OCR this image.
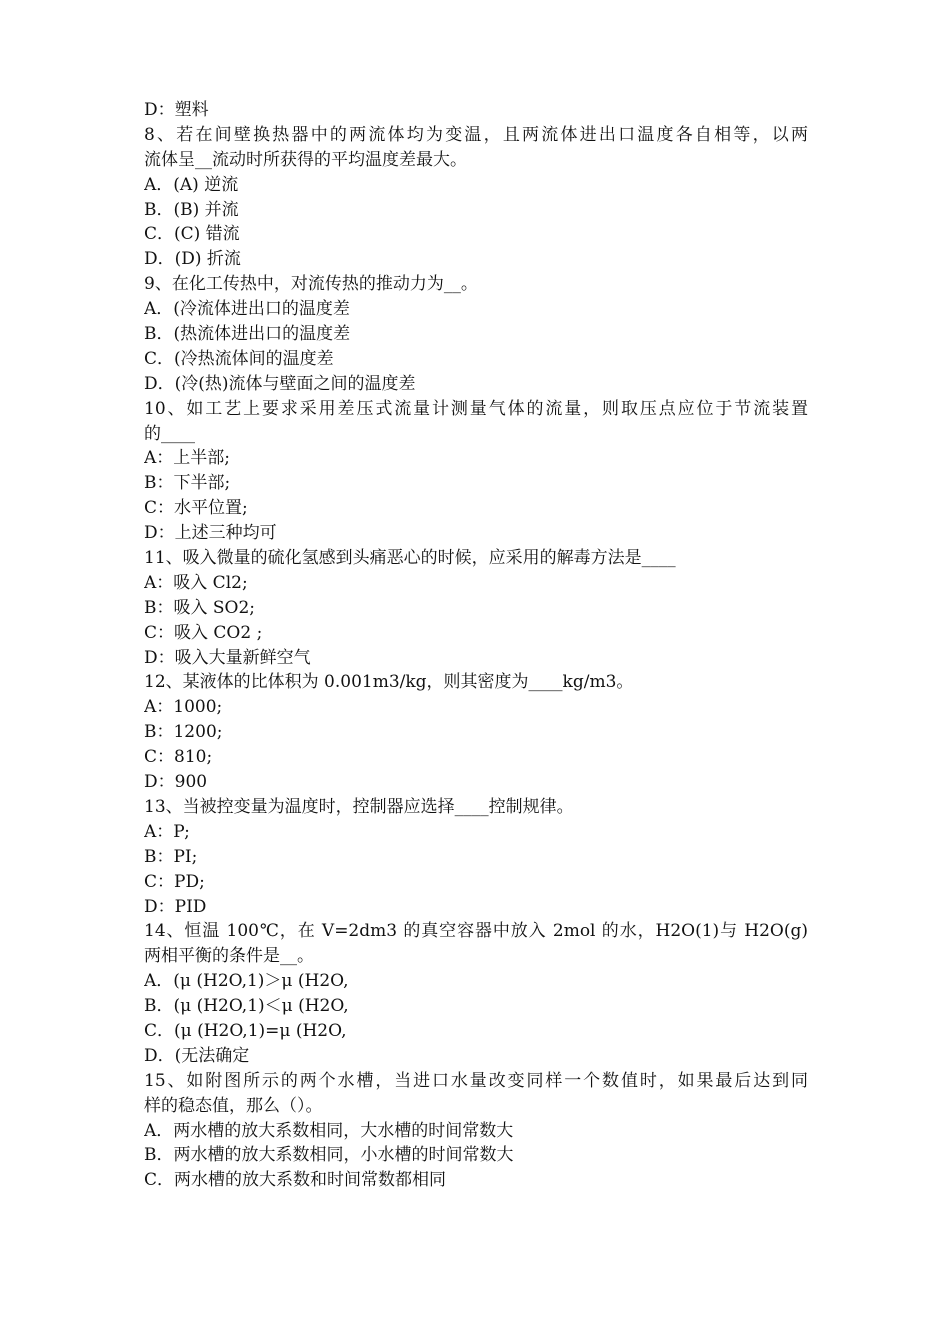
D：塑料
8、若在间壁换热器中的两流体均为变温，且两流体进出口温度各自相等，以两
流体呈__流动时所获得的平均温度差最大。
A．(A) 逆流
B．(B) 并流
C．(C) 错流
D．(D) 折流
9、在化工传热中，对流传热的推动力为__。
A．(冷流体进出口的温度差
B．(热流体进出口的温度差
C．(冷热流体间的温度差
D．(冷(热)流体与壁面之间的温度差
10、如工艺上要求采用差压式流量计测量气体的流量，则取压点应位于节流装置
的____
A：上半部;
B：下半部;
C：水平位置;
D：上述三种均可
11、吸入微量的硫化氢感到头痛恶心的时候，应采用的解毒方法是____
A：吸入 Cl2;
B：吸入 SO2;
C：吸入 CO2 ;
D：吸入大量新鲜空气
12、某液体的比体积为 0.001m3/kg，则其密度为____kg/m3。
A：1000;
B：1200;
C：810;
D：900
13、当被控变量为温度时，控制器应选择____控制规律。
A：P;
B：PI;
C：PD;
D：PID
14、恒温 100℃，在 V=2dm3 的真空容器中放入 2mol 的水，H2O(1)与 H2O(g)
两相平衡的条件是__。
A．(μ (H2O,1)＞μ (H2O,
B．(μ (H2O,1)＜μ (H2O,
C．(μ (H2O,1)=μ (H2O,
D．(无法确定
15、如附图所示的两个水槽，当进口水量改变同样一个数值时，如果最后达到同
样的稳态值，那么（）。
A．两水槽的放大系数相同，大水槽的时间常数大
B．两水槽的放大系数相同，小水槽的时间常数大
C．两水槽的放大系数和时间常数都相同
